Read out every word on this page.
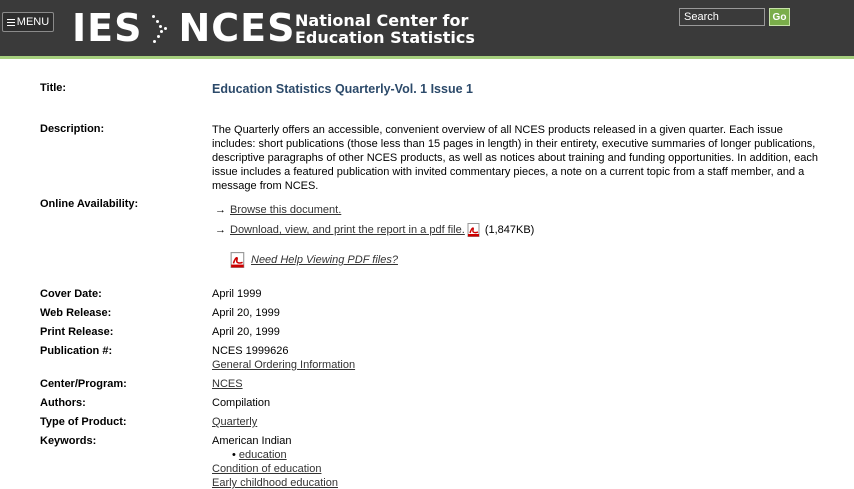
MENU IES NCES National Center for
Education Statistics
Search
Go
Title:	Education Statistics Quarterly-Vol. 1 Issue 1
Description:	The Quarterly offers an accessible, convenient overview of all NCES products released in a given quarter. Each issue includes: short publications (those less than 15 pages in length) in their entirety, executive summaries of longer publications, descriptive paragraphs of other NCES products, as well as notices about training and funding opportunities. In addition, each issue includes a featured publication with invited commentary pieces, a note on a current topic from a staff member, and a message from NCES.
Online Availability:	→ Browse this document.
→ Download, view, and print the report in a pdf file. (1,847KB)
Need Help Viewing PDF files?
Cover Date:	April 1999
Web Release:	April 20, 1999
Print Release:	April 20, 1999
Publication #:	NCES 1999626
General Ordering Information
Center/Program:	NCES
Authors:	Compilation
Type of Product:	Quarterly
Keywords:	American Indian
• education
Condition of education
Early childhood education
